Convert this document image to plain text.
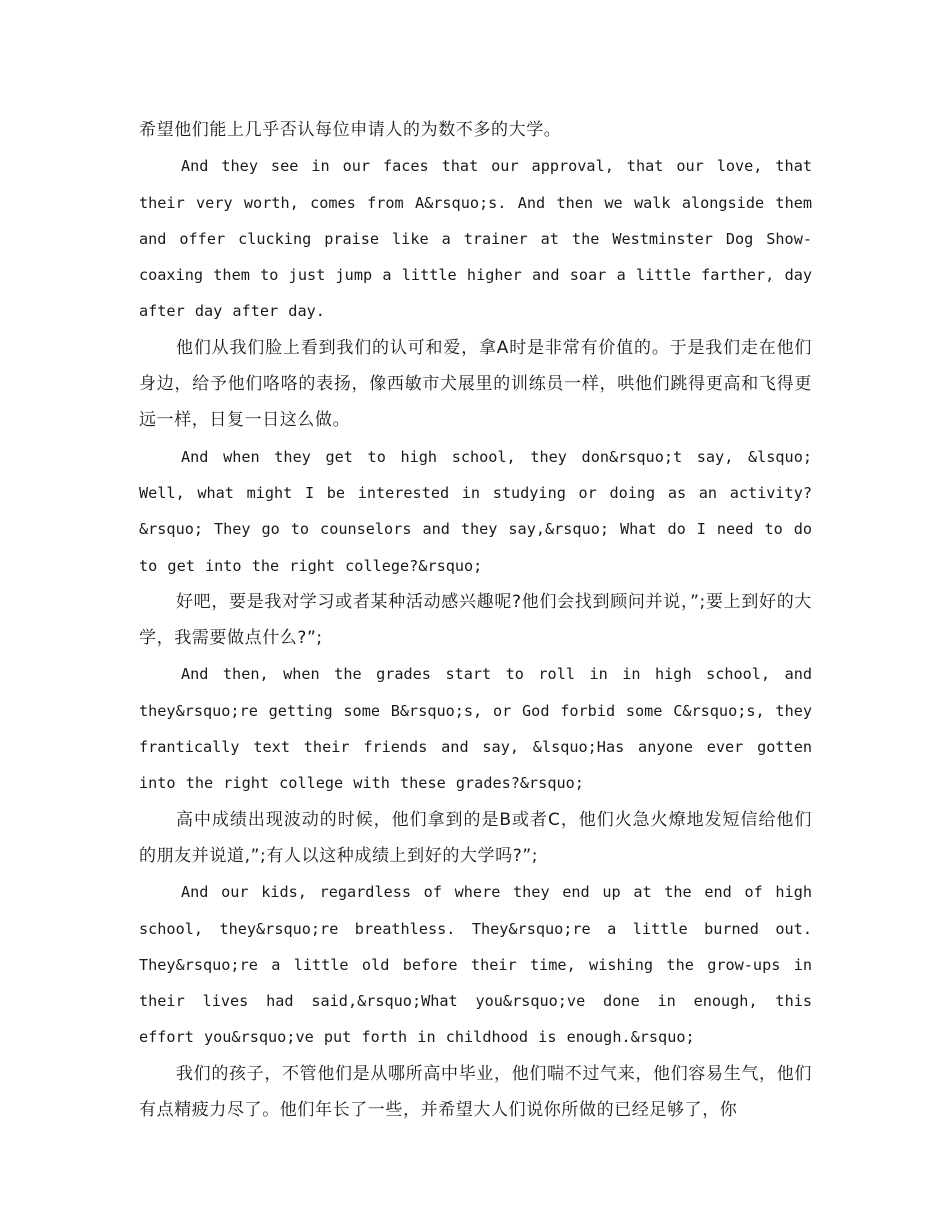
希望他们能上几乎否认每位申请人的为数不多的大学。

And they see in our faces that our approval, that our love, that their very worth, comes from A&rsquo;s. And then we walk alongside them and offer clucking praise like a trainer at the Westminster Dog Show-coaxing them to just jump a little higher and soar a little farther, day after day after day.

他们从我们脸上看到我们的认可和爱，拿A时是非常有价值的。于是我们走在他们身边，给予他们咯咯的表扬，像西敏市犬展里的训练员一样，哄他们跳得更高和飞得更远一样，日复一日这么做。

And when they get to high school, they don&rsquo;t say, &lsquo; Well, what might I be interested in studying or doing as an activity? &rsquo; They go to counselors and they say,&rsquo; What do I need to do to get into the right college?&rsquo;

好吧，要是我对学习或者某种活动感兴趣呢?他们会找到顾问并说，”;要上到好的大学，我需要做点什么?”;

And then, when the grades start to roll in in high school, and they&rsquo;re getting some B&rsquo;s, or God forbid some C&rsquo;s, they frantically text their friends and say, &lsquo;Has anyone ever gotten into the right college with these grades?&rsquo;

高中成绩出现波动的时候，他们拿到的是B或者C，他们火急火燎地发短信给他们的朋友并说道,”;有人以这种成绩上到好的大学吗?”;

And our kids, regardless of where they end up at the end of high school, they&rsquo;re breathless. They&rsquo;re a little burned out. They&rsquo;re a little old before their time, wishing the grow-ups in their lives had said,&rsquo;What you&rsquo;ve done in enough, this effort you&rsquo;ve put forth in childhood is enough.&rsquo;

我们的孩子，不管他们是从哪所高中毕业，他们喘不过气来，他们容易生气，他们有点精疲力尽了。他们年长了一些，并希望大人们说你所做的已经足够了，你
